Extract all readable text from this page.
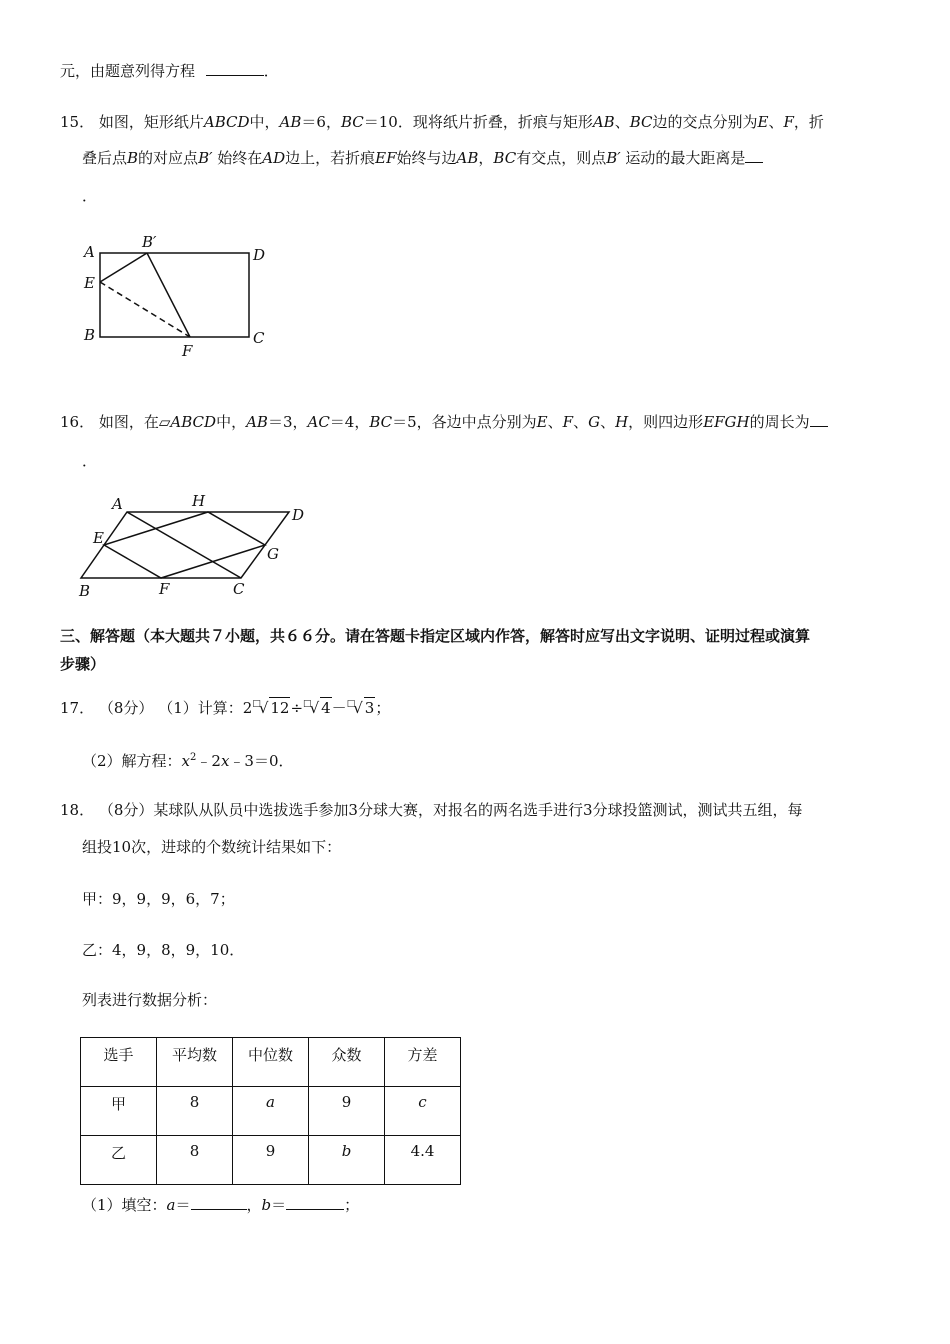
元，由题意列得方程	．
15． 如图，矩形纸片ABCD中，AB＝6，BC＝10．现将纸片折叠，折痕与矩形AB、BC边的交点分别为E、F，折
叠后点B的对应点B′ 始终在AD边上，若折痕EF始终与边AB，BC有交点，则点B′ 运动的最大距离是
．
A
B′
D
E
B
F
C
16． 如图，在▱ABCD中，AB＝3，AC＝4，BC＝5，各边中点分别为E、F、G、H，则四边形EFGH的周长为
．
A	H
D
E
G
B	F	C
三、解答题（本大题共７小题，共６６分。请在答题卡指定区域内作答，解答时应写出文字说明、证明过程或演算
步骤）
17． （8分） （1）计算：2□√ 12÷□√ 4－□√ 3；
（2）解方程：$x^2﹣2x﹣3=0$．
18． （8分）某球队从队员中选拔选手参加3分球大赛，对报名的两名选手进行3分球投篮测试，测试共五组，每
组投10次，进球的个数统计结果如下：
甲：9，9，9，6，7；
乙：4，9，8，9，10．
列表进行数据分析：
选手	平均数	中位数	众数	方差
甲	8	a	9	c
乙	8	9	b	4.4
（1）填空：a＝	，b＝	；
